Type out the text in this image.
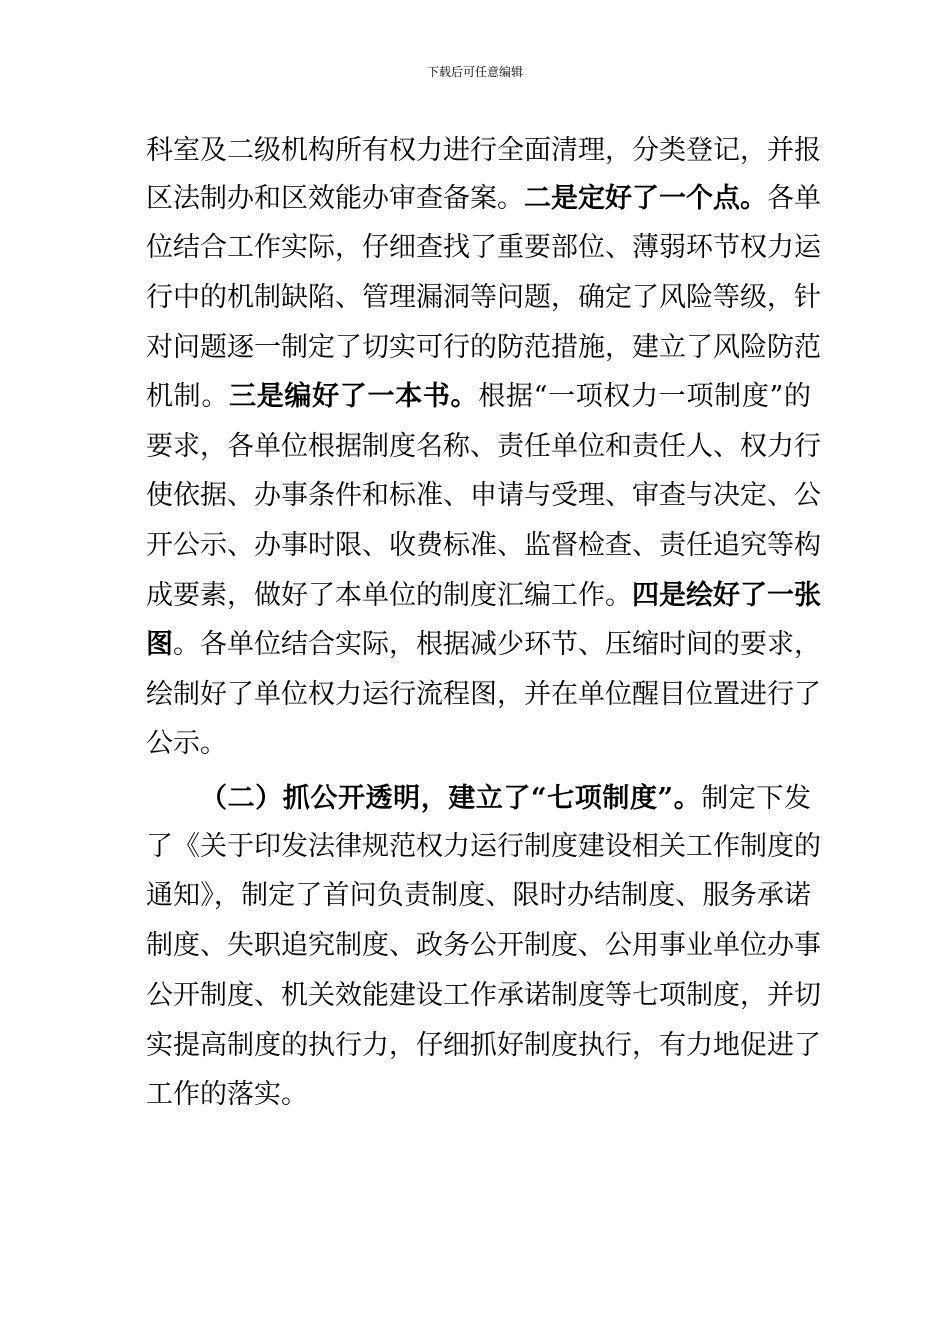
下载后可任意编辑
科室及二级机构所有权力进行全面清理，分类登记，并报
区法制办和区效能办审查备案。二是定好了一个点。各单
位结合工作实际，仔细查找了重要部位、薄弱环节权力运
行中的机制缺陷、管理漏洞等问题，确定了风险等级，针
对问题逐一制定了切实可行的防范措施，建立了风险防范
机制。三是编好了一本书。根据“一项权力一项制度”的
要求，各单位根据制度名称、责任单位和责任人、权力行
使依据、办事条件和标准、申请与受理、审查与决定、公
开公示、办事时限、收费标准、监督检查、责任追究等构
成要素，做好了本单位的制度汇编工作。四是绘好了一张
图。各单位结合实际，根据减少环节、压缩时间的要求，
绘制好了单位权力运行流程图，并在单位醒目位置进行了
公示。
（二）抓公开透明，建立了“七项制度”。制定下发
了《关于印发法律规范权力运行制度建设相关工作制度的
通知》，制定了首问负责制度、限时办结制度、服务承诺
制度、失职追究制度、政务公开制度、公用事业单位办事
公开制度、机关效能建设工作承诺制度等七项制度，并切
实提高制度的执行力，仔细抓好制度执行，有力地促进了
工作的落实。
